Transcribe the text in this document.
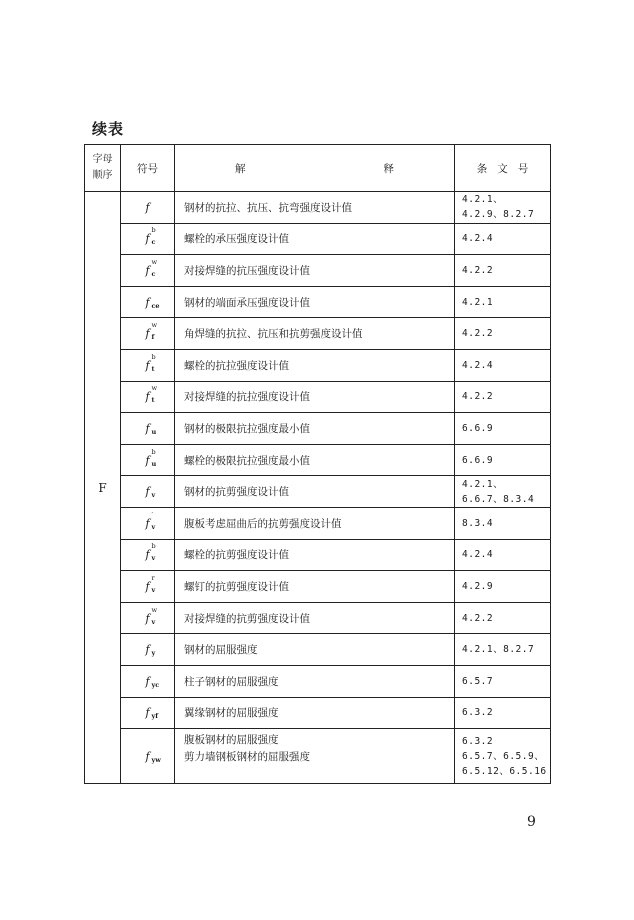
续表
字母
顺序	符号	解 释	条文号
F	f	钢材的抗拉、抗压、抗弯强度设计值	4.2.1、
4.2.9、8.2.7
	f
b
c	螺栓的承压强度设计值	4.2.4
	f
w
c	对接焊缝的抗压强度设计值	4.2.2
	f ce	钢材的端面承压强度设计值	4.2.1
	f
w
f	角焊缝的抗拉、抗压和抗剪强度设计值	4.2.2
	f
b
t	螺栓的抗拉强度设计值	4.2.4
	f
w
t	对接焊缝的抗拉强度设计值	4.2.2
	f u	钢材的极限抗拉强度最小值	6.6.9
	f
b
u	螺栓的极限抗拉强度最小值	6.6.9
	f v	钢材的抗剪强度设计值	4.2.1、
6.6.7、8.3.4
	f
′
v	腹板考虑屈曲后的抗剪强度设计值	8.3.4
	f
b
v	螺栓的抗剪强度设计值	4.2.4
	f
r
v	螺钉的抗剪强度设计值	4.2.9
	f
w
v	对接焊缝的抗剪强度设计值	4.2.2
	f y	钢材的屈服强度	4.2.1、8.2.7
	f yc	柱子钢材的屈服强度	6.5.7
	f yf	翼缘钢材的屈服强度	6.3.2
	f yw	腹板钢材的屈服强度
剪力墙钢板钢材的屈服强度	6.3.2
6.5.7、6.5.9、
6.5.12、6.5.16
9
